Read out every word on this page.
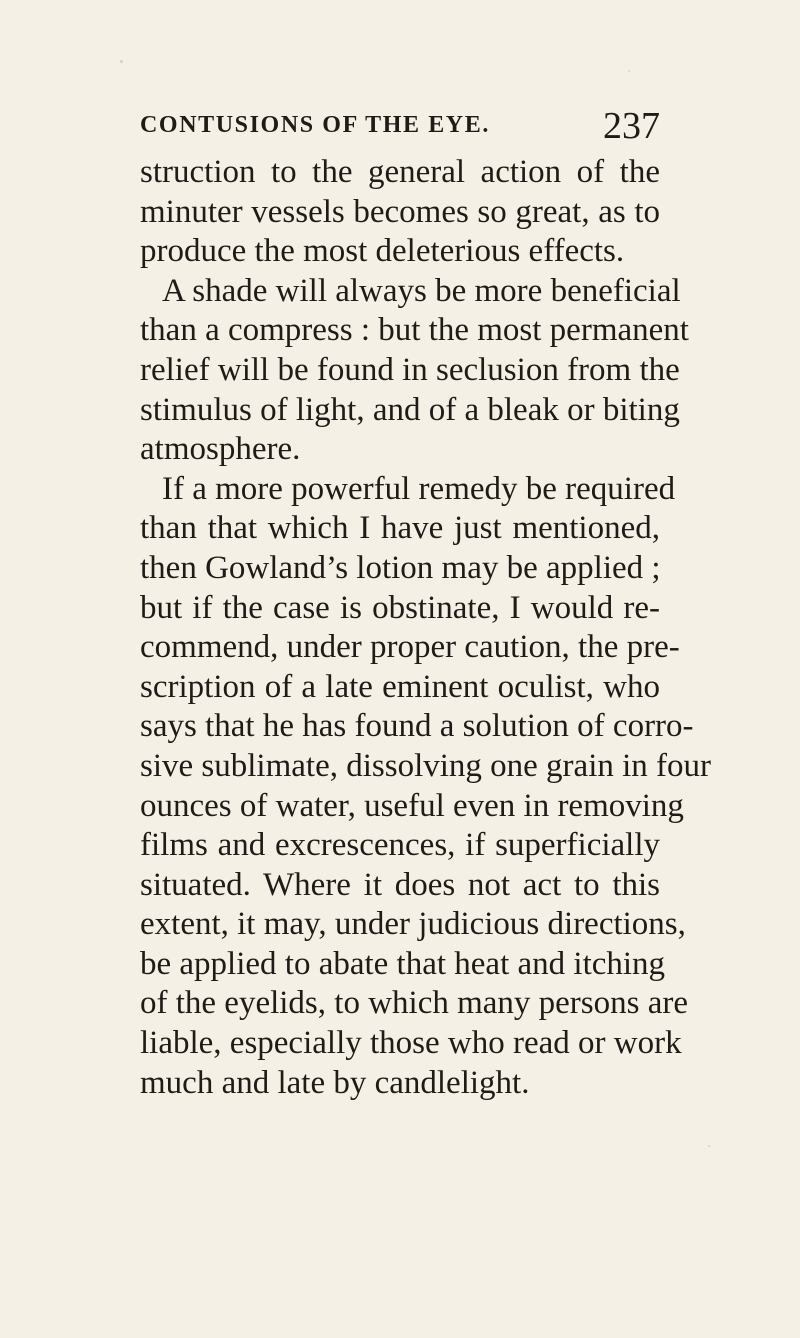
CONTUSIONS OF THE EYE.	237
struction to the general action of the
minuter vessels becomes so great, as to
produce the most deleterious effects.
A shade will always be more beneficial
than a compress : but the most permanent
relief will be found in seclusion from the
stimulus of light, and of a bleak or biting
atmosphere.
If a more powerful remedy be required
than that which I have just mentioned,
then Gowland’s lotion may be applied ;
but if the case is obstinate, I would re-
commend, under proper caution, the pre-
scription of a late eminent oculist, who
says that he has found a solution of corro-
sive sublimate, dissolving one grain in four
ounces of water, useful even in removing
films and excrescences, if superficially
situated. Where it does not act to this
extent, it may, under judicious directions,
be applied to abate that heat and itching
of the eyelids, to which many persons are
liable, especially those who read or work
much and late by candlelight.
